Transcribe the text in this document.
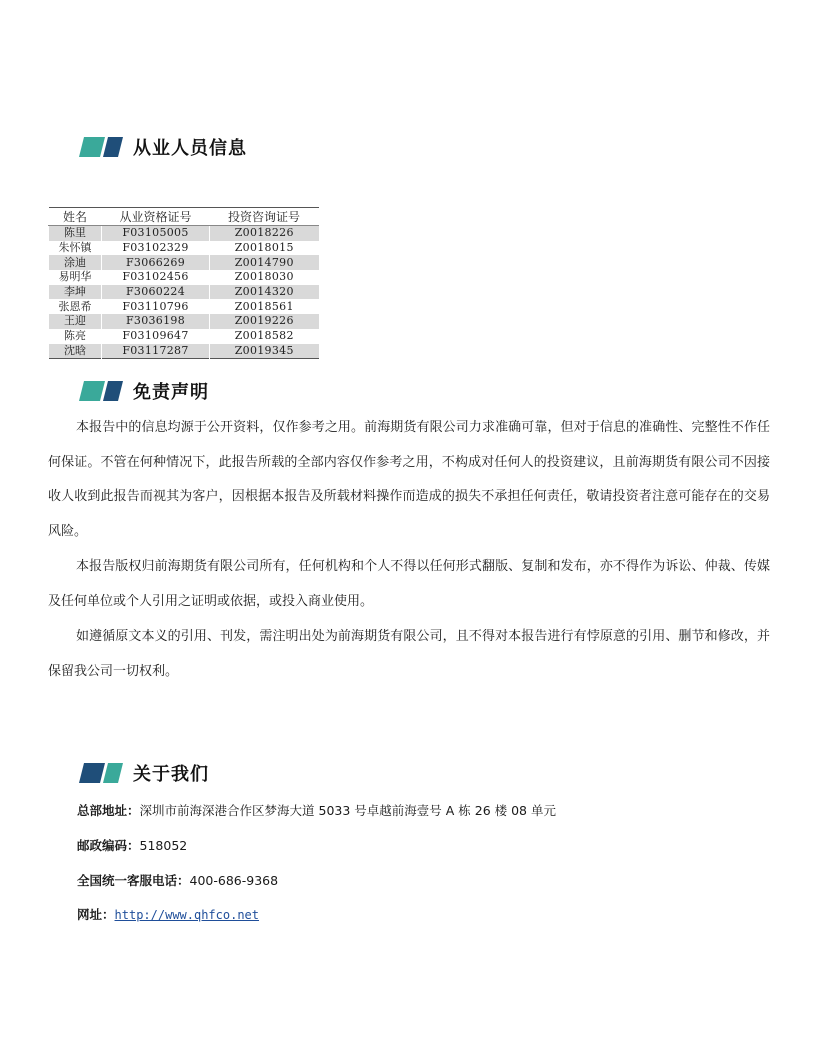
从业人员信息
姓名	从业资格证号	投资咨询证号
陈里	F03105005	Z0018226
朱怀镇	F03102329	Z0018015
涂迪	F3066269	Z0014790
易明华	F03102456	Z0018030
李坤	F3060224	Z0014320
张恩希	F03110796	Z0018561
王迎	F3036198	Z0019226
陈亮	F03109647	Z0018582
沈晗	F03117287	Z0019345
免责声明

本报告中的信息均源于公开资料，仅作参考之用。前海期货有限公司力求准确可靠，但对于信息的准确性、完整性不作任何保证。不管在何种情况下，此报告所载的全部内容仅作参考之用，不构成对任何人的投资建议，且前海期货有限公司不因接收人收到此报告而视其为客户，因根据本报告及所载材料操作而造成的损失不承担任何责任，敬请投资者注意可能存在的交易风险。

本报告版权归前海期货有限公司所有，任何机构和个人不得以任何形式翻版、复制和发布，亦不得作为诉讼、仲裁、传媒及任何单位或个人引用之证明或依据，或投入商业使用。

如遵循原文本义的引用、刊发，需注明出处为前海期货有限公司，且不得对本报告进行有悖原意的引用、删节和修改，并保留我公司一切权利。

关于我们
总部地址：深圳市前海深港合作区梦海大道 5033 号卓越前海壹号 A 栋 26 楼 08 单元
邮政编码：518052
全国统一客服电话：400-686-9368
网址：http://www.qhfco.net
